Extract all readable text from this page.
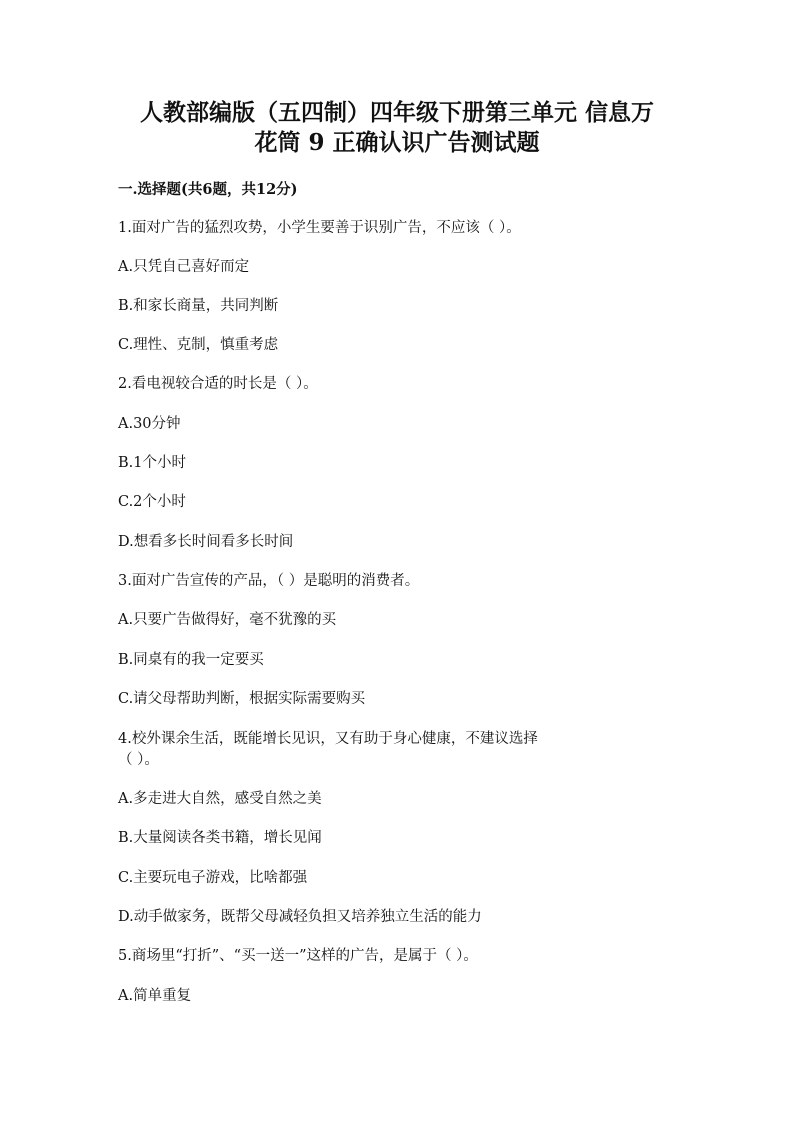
人教部编版（五四制）四年级下册第三单元 信息万
花筒 9 正确认识广告测试题
一.选择题(共6题，共12分)
1.面对广告的猛烈攻势，小学生要善于识别广告，不应该（ ）。
A.只凭自己喜好而定
B.和家长商量，共同判断
C.理性、克制，慎重考虑
2.看电视较合适的时长是（ ）。
A.30分钟
B.1个小时
C.2个小时
D.想看多长时间看多长时间
3.面对广告宣传的产品，（ ）是聪明的消费者。
A.只要广告做得好，毫不犹豫的买
B.同桌有的我一定要买
C.请父母帮助判断，根据实际需要购买
4.校外课余生活，既能增长见识，又有助于身心健康，不建议选择
（ ）。
A.多走进大自然，感受自然之美
B.大量阅读各类书籍，增长见闻
C.主要玩电子游戏，比啥都强
D.动手做家务，既帮父母减轻负担又培养独立生活的能力
5.商场里“打折”、“买一送一”这样的广告，是属于（ ）。
A.简单重复
